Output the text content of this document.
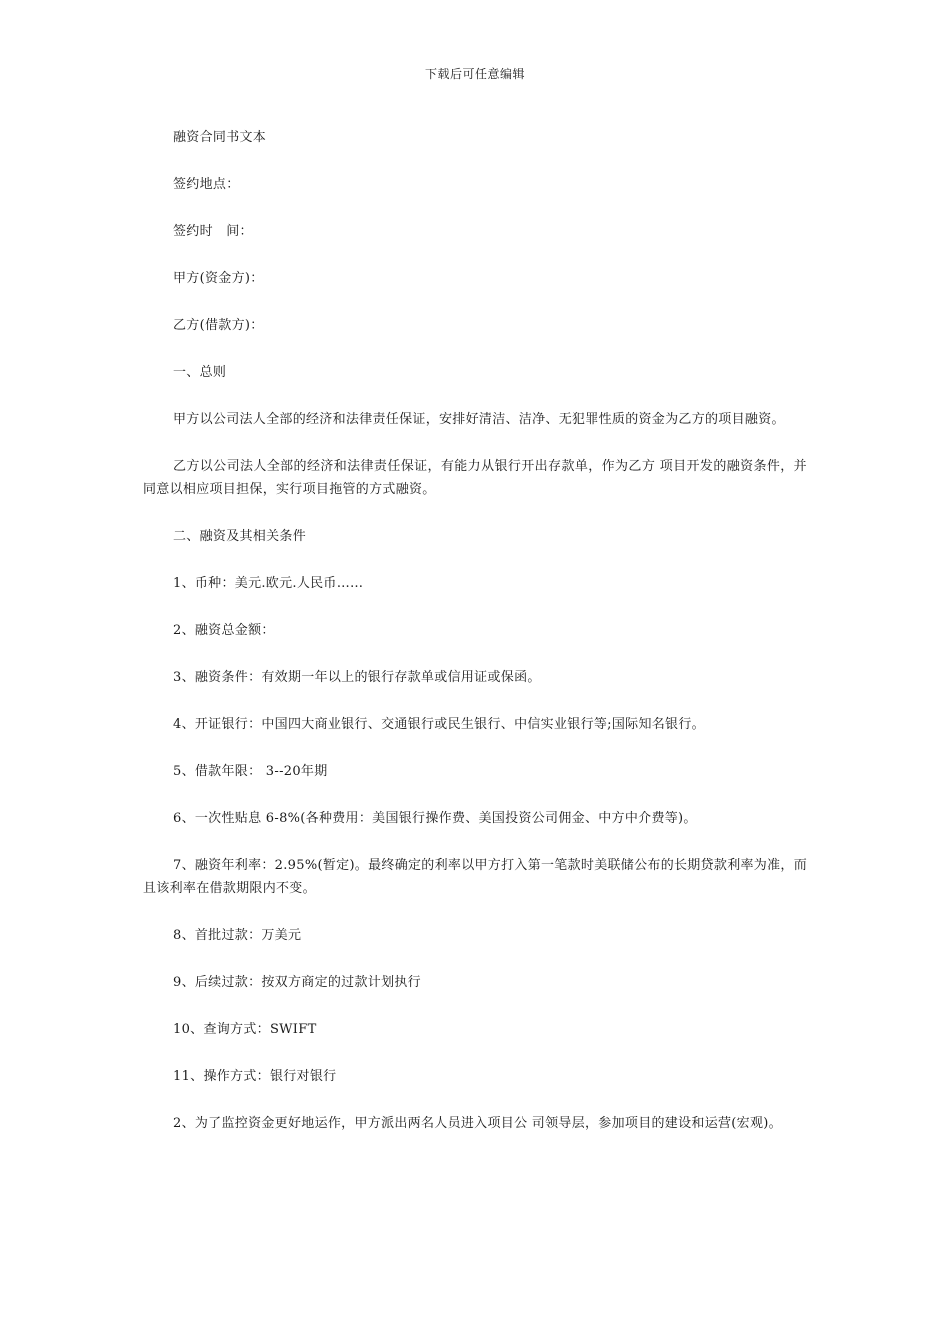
下载后可任意编辑

融资合同书文本

签约地点：

签约时　间：

甲方(资金方)：

乙方(借款方)：

一、总则

甲方以公司法人全部的经济和法律责任保证，安排好清洁、洁净、无犯罪性质的资金为乙方的项目融资。

乙方以公司法人全部的经济和法律责任保证，有能力从银行开出存款单，作为乙方 项目开发的融资条件，并同意以相应项目担保，实行项目拖管的方式融资。

二、融资及其相关条件

1、币种：美元.欧元.人民币……

2、融资总金额：

3、融资条件：有效期一年以上的银行存款单或信用证或保函。

4、开证银行：中国四大商业银行、交通银行或民生银行、中信实业银行等;国际知名银行。

5、借款年限： 3--20年期

6、一次性贴息 6-8%(各种费用：美国银行操作费、美国投资公司佣金、中方中介费等)。

7、融资年利率：2.95%(暂定)。最终确定的利率以甲方打入第一笔款时美联储公布的长期贷款利率为准，而且该利率在借款期限内不变。

8、首批过款：万美元

9、后续过款：按双方商定的过款计划执行

10、查询方式：SWIFT

11、操作方式：银行对银行

2、为了监控资金更好地运作，甲方派出两名人员进入项目公 司领导层，参加项目的建设和运营(宏观)。
